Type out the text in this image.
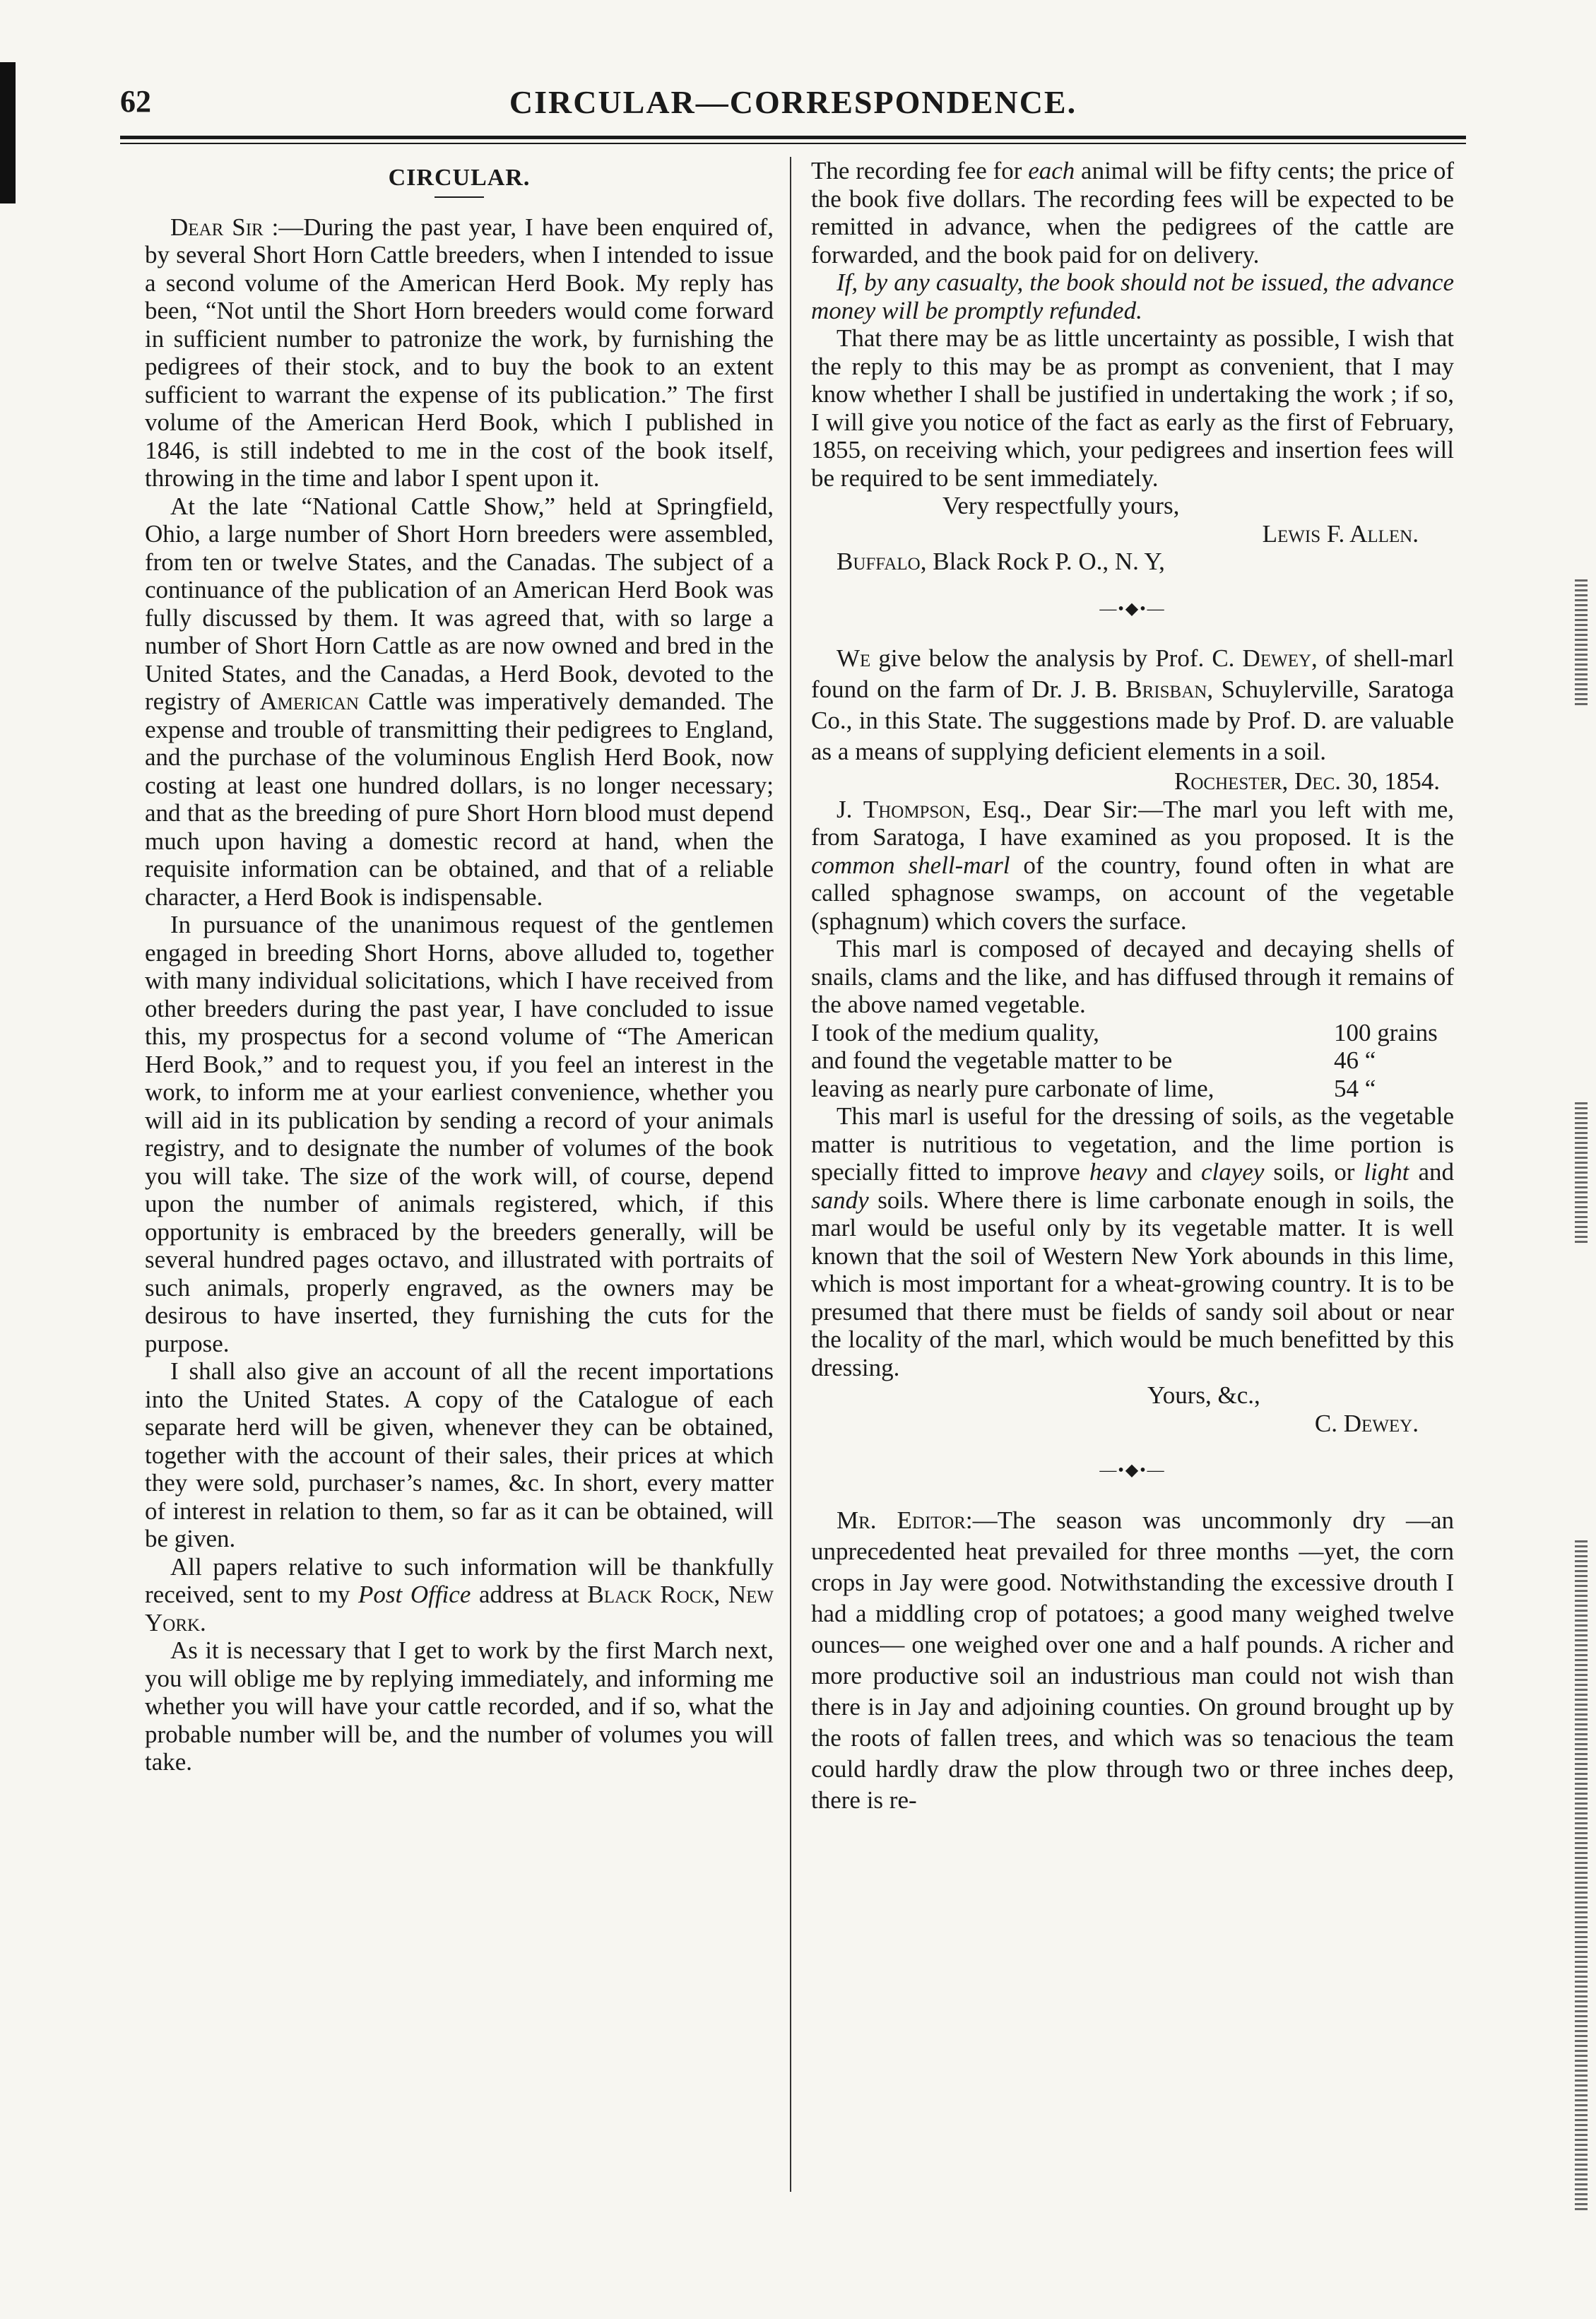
62	CIRCULAR—CORRESPONDENCE.
CIRCULAR.

Dear Sir :—During the past year, I have been enquired of, by several Short Horn Cattle breeders, when I intended to issue a second volume of the American Herd Book. My reply has been, “Not until the Short Horn breeders would come forward in sufficient number to patronize the work, by furnishing the pedigrees of their stock, and to buy the book to an extent sufficient to warrant the expense of its publication.” The first volume of the American Herd Book, which I published in 1846, is still indebted to me in the cost of the book itself, throwing in the time and labor I spent upon it.

At the late “National Cattle Show,” held at Springfield, Ohio, a large number of Short Horn breeders were assembled, from ten or twelve States, and the Canadas. The subject of a continuance of the publication of an American Herd Book was fully discussed by them. It was agreed that, with so large a number of Short Horn Cattle as are now owned and bred in the United States, and the Canadas, a Herd Book, devoted to the registry of American Cattle was imperatively demanded. The expense and trouble of transmitting their pedigrees to England, and the purchase of the voluminous English Herd Book, now costing at least one hundred dollars, is no longer necessary; and that as the breeding of pure Short Horn blood must depend much upon having a domestic record at hand, when the requisite information can be obtained, and that of a reliable character, a Herd Book is indispensable.

In pursuance of the unanimous request of the gentlemen engaged in breeding Short Horns, above alluded to, together with many individual solicitations, which I have received from other breeders during the past year, I have concluded to issue this, my prospectus for a second volume of “The American Herd Book,” and to request you, if you feel an interest in the work, to inform me at your earliest convenience, whether you will aid in its publication by sending a record of your animals registry, and to designate the number of volumes of the book you will take. The size of the work will, of course, depend upon the number of animals registered, which, if this opportunity is embraced by the breeders generally, will be several hundred pages octavo, and illustrated with portraits of such animals, properly engraved, as the owners may be desirous to have inserted, they furnishing the cuts for the purpose.

I shall also give an account of all the recent importations into the United States. A copy of the Catalogue of each separate herd will be given, whenever they can be obtained, together with the account of their sales, their prices at which they were sold, purchaser’s names, &c. In short, every matter of interest in relation to them, so far as it can be obtained, will be given.

All papers relative to such information will be thankfully received, sent to my Post Office address at Black Rock, New York.

As it is necessary that I get to work by the first March next, you will oblige me by replying immediately, and informing me whether you will have your cattle recorded, and if so, what the probable number will be, and the number of volumes you will take.

The recording fee for each animal will be fifty cents; the price of the book five dollars. The recording fees will be expected to be remitted in advance, when the pedigrees of the cattle are forwarded, and the book paid for on delivery.

If, by any casualty, the book should not be issued, the advance money will be promptly refunded.

That there may be as little uncertainty as possible, I wish that the reply to this may be as prompt as convenient, that I may know whether I shall be justified in undertaking the work ; if so, I will give you notice of the fact as early as the first of February, 1855, on receiving which, your pedigrees and insertion fees will be required to be sent immediately.

Very respectfully yours,

Lewis F. Allen.

Buffalo, Black Rock P. O., N. Y,

—•◆•—

We give below the analysis by Prof. C. Dewey, of shell-marl found on the farm of Dr. J. B. Brisban, Schuylerville, Saratoga Co., in this State. The suggestions made by Prof. D. are valuable as a means of supplying deficient elements in a soil.

Rochester, Dec. 30, 1854.

J. Thompson, Esq., Dear Sir:—The marl you left with me, from Saratoga, I have examined as you proposed. It is the common shell-marl of the country, found often in what are called sphagnose swamps, on account of the vegetable (sphagnum) which covers the surface.

This marl is composed of decayed and decaying shells of snails, clams and the like, and has diffused through it remains of the above named vegetable.

I took of the medium quality,	100 grains
and found the vegetable matter to be	46 “
leaving as nearly pure carbonate of lime,	54 “

This marl is useful for the dressing of soils, as the vegetable matter is nutritious to vegetation, and the lime portion is specially fitted to improve heavy and clayey soils, or light and sandy soils. Where there is lime carbonate enough in soils, the marl would be useful only by its vegetable matter. It is well known that the soil of Western New York abounds in this lime, which is most important for a wheat-growing country. It is to be presumed that there must be fields of sandy soil about or near the locality of the marl, which would be much benefitted by this dressing.

Yours, &c.,

C. Dewey.

—•◆•—

Mr. Editor:—The season was uncommonly dry —an unprecedented heat prevailed for three months —yet, the corn crops in Jay were good. Notwithstanding the excessive drouth I had a middling crop of potatoes; a good many weighed twelve ounces— one weighed over one and a half pounds. A richer and more productive soil an industrious man could not wish than there is in Jay and adjoining counties. On ground brought up by the roots of fallen trees, and which was so tenacious the team could hardly draw the plow through two or three inches deep, there is re-
